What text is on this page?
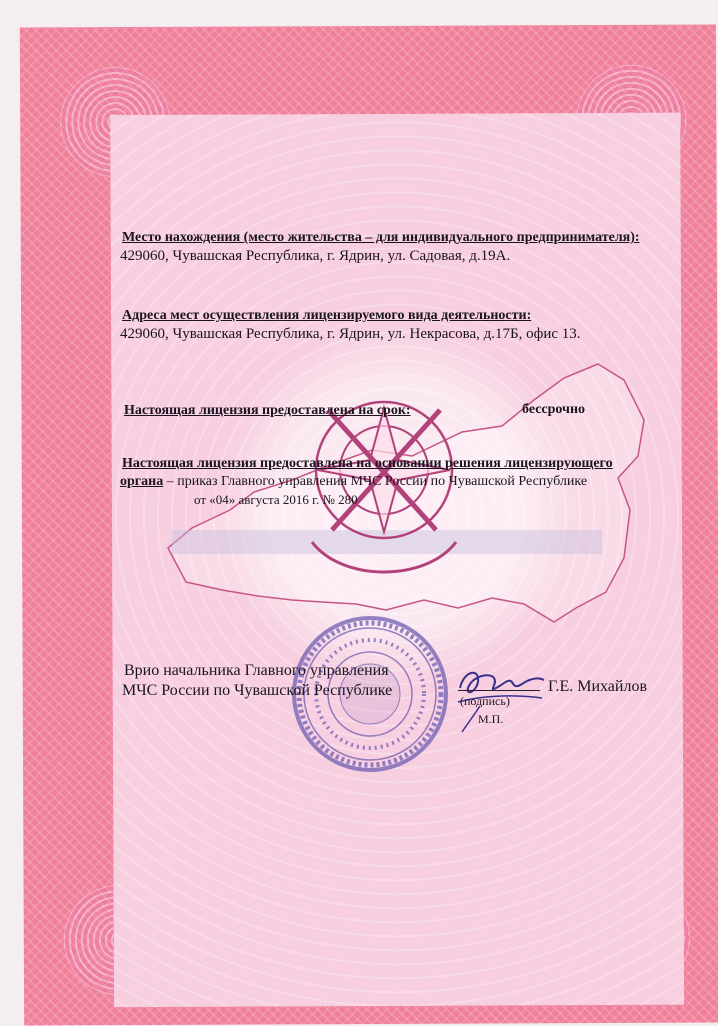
Место нахождения (место жительства – для индивидуального предпринимателя):
429060, Чувашская Республика, г. Ядрин, ул. Садовая, д.19А.
Адреса мест осуществления лицензируемого вида деятельности:
429060, Чувашская Республика, г. Ядрин, ул. Некрасова, д.17Б, офис 13.
Настоящая лицензия предоставлена на срок:	бессрочно
Настоящая лицензия предоставлена на основании решения лицензирующего
органа – приказ Главного управления МЧС России по Чувашской Республике
от «04» августа 2016 г. № 280
Врио начальника Главного управления
МЧС России по Чувашской Республике
(подпись)
М.П.
Г.Е. Михайлов
